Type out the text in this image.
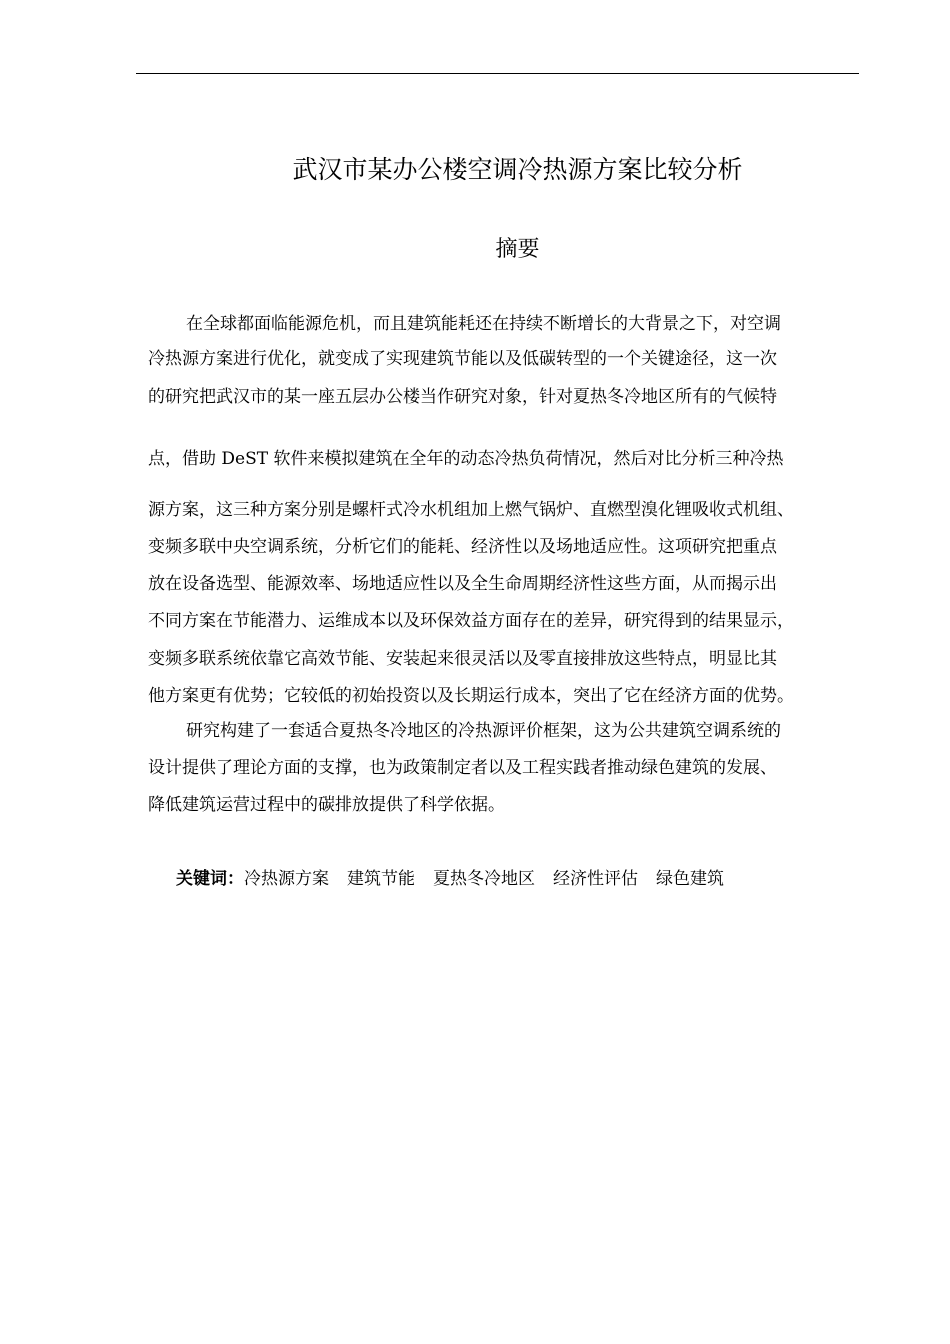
武汉市某办公楼空调冷热源方案比较分析
摘要

在全球都面临能源危机，而且建筑能耗还在持续不断增长的大背景之下，对空调

冷热源方案进行优化，就变成了实现建筑节能以及低碳转型的一个关键途径，这一次

的研究把武汉市的某一座五层办公楼当作研究对象，针对夏热冬冷地区所有的气候特

点，借助 DeST 软件来模拟建筑在全年的动态冷热负荷情况，然后对比分析三种冷热

源方案，这三种方案分别是螺杆式冷水机组加上燃气锅炉、直燃型溴化锂吸收式机组、

变频多联中央空调系统，分析它们的能耗、经济性以及场地适应性。这项研究把重点

放在设备选型、能源效率、场地适应性以及全生命周期经济性这些方面，从而揭示出

不同方案在节能潜力、运维成本以及环保效益方面存在的差异，研究得到的结果显示，

变频多联系统依靠它高效节能、安装起来很灵活以及零直接排放这些特点，明显比其

他方案更有优势；它较低的初始投资以及长期运行成本，突出了它在经济方面的优势。

研究构建了一套适合夏热冬冷地区的冷热源评价框架，这为公共建筑空调系统的

设计提供了理论方面的支撑，也为政策制定者以及工程实践者推动绿色建筑的发展、

降低建筑运营过程中的碳排放提供了科学依据。

关键词：冷热源方案 建筑节能 夏热冬冷地区 经济性评估 绿色建筑
